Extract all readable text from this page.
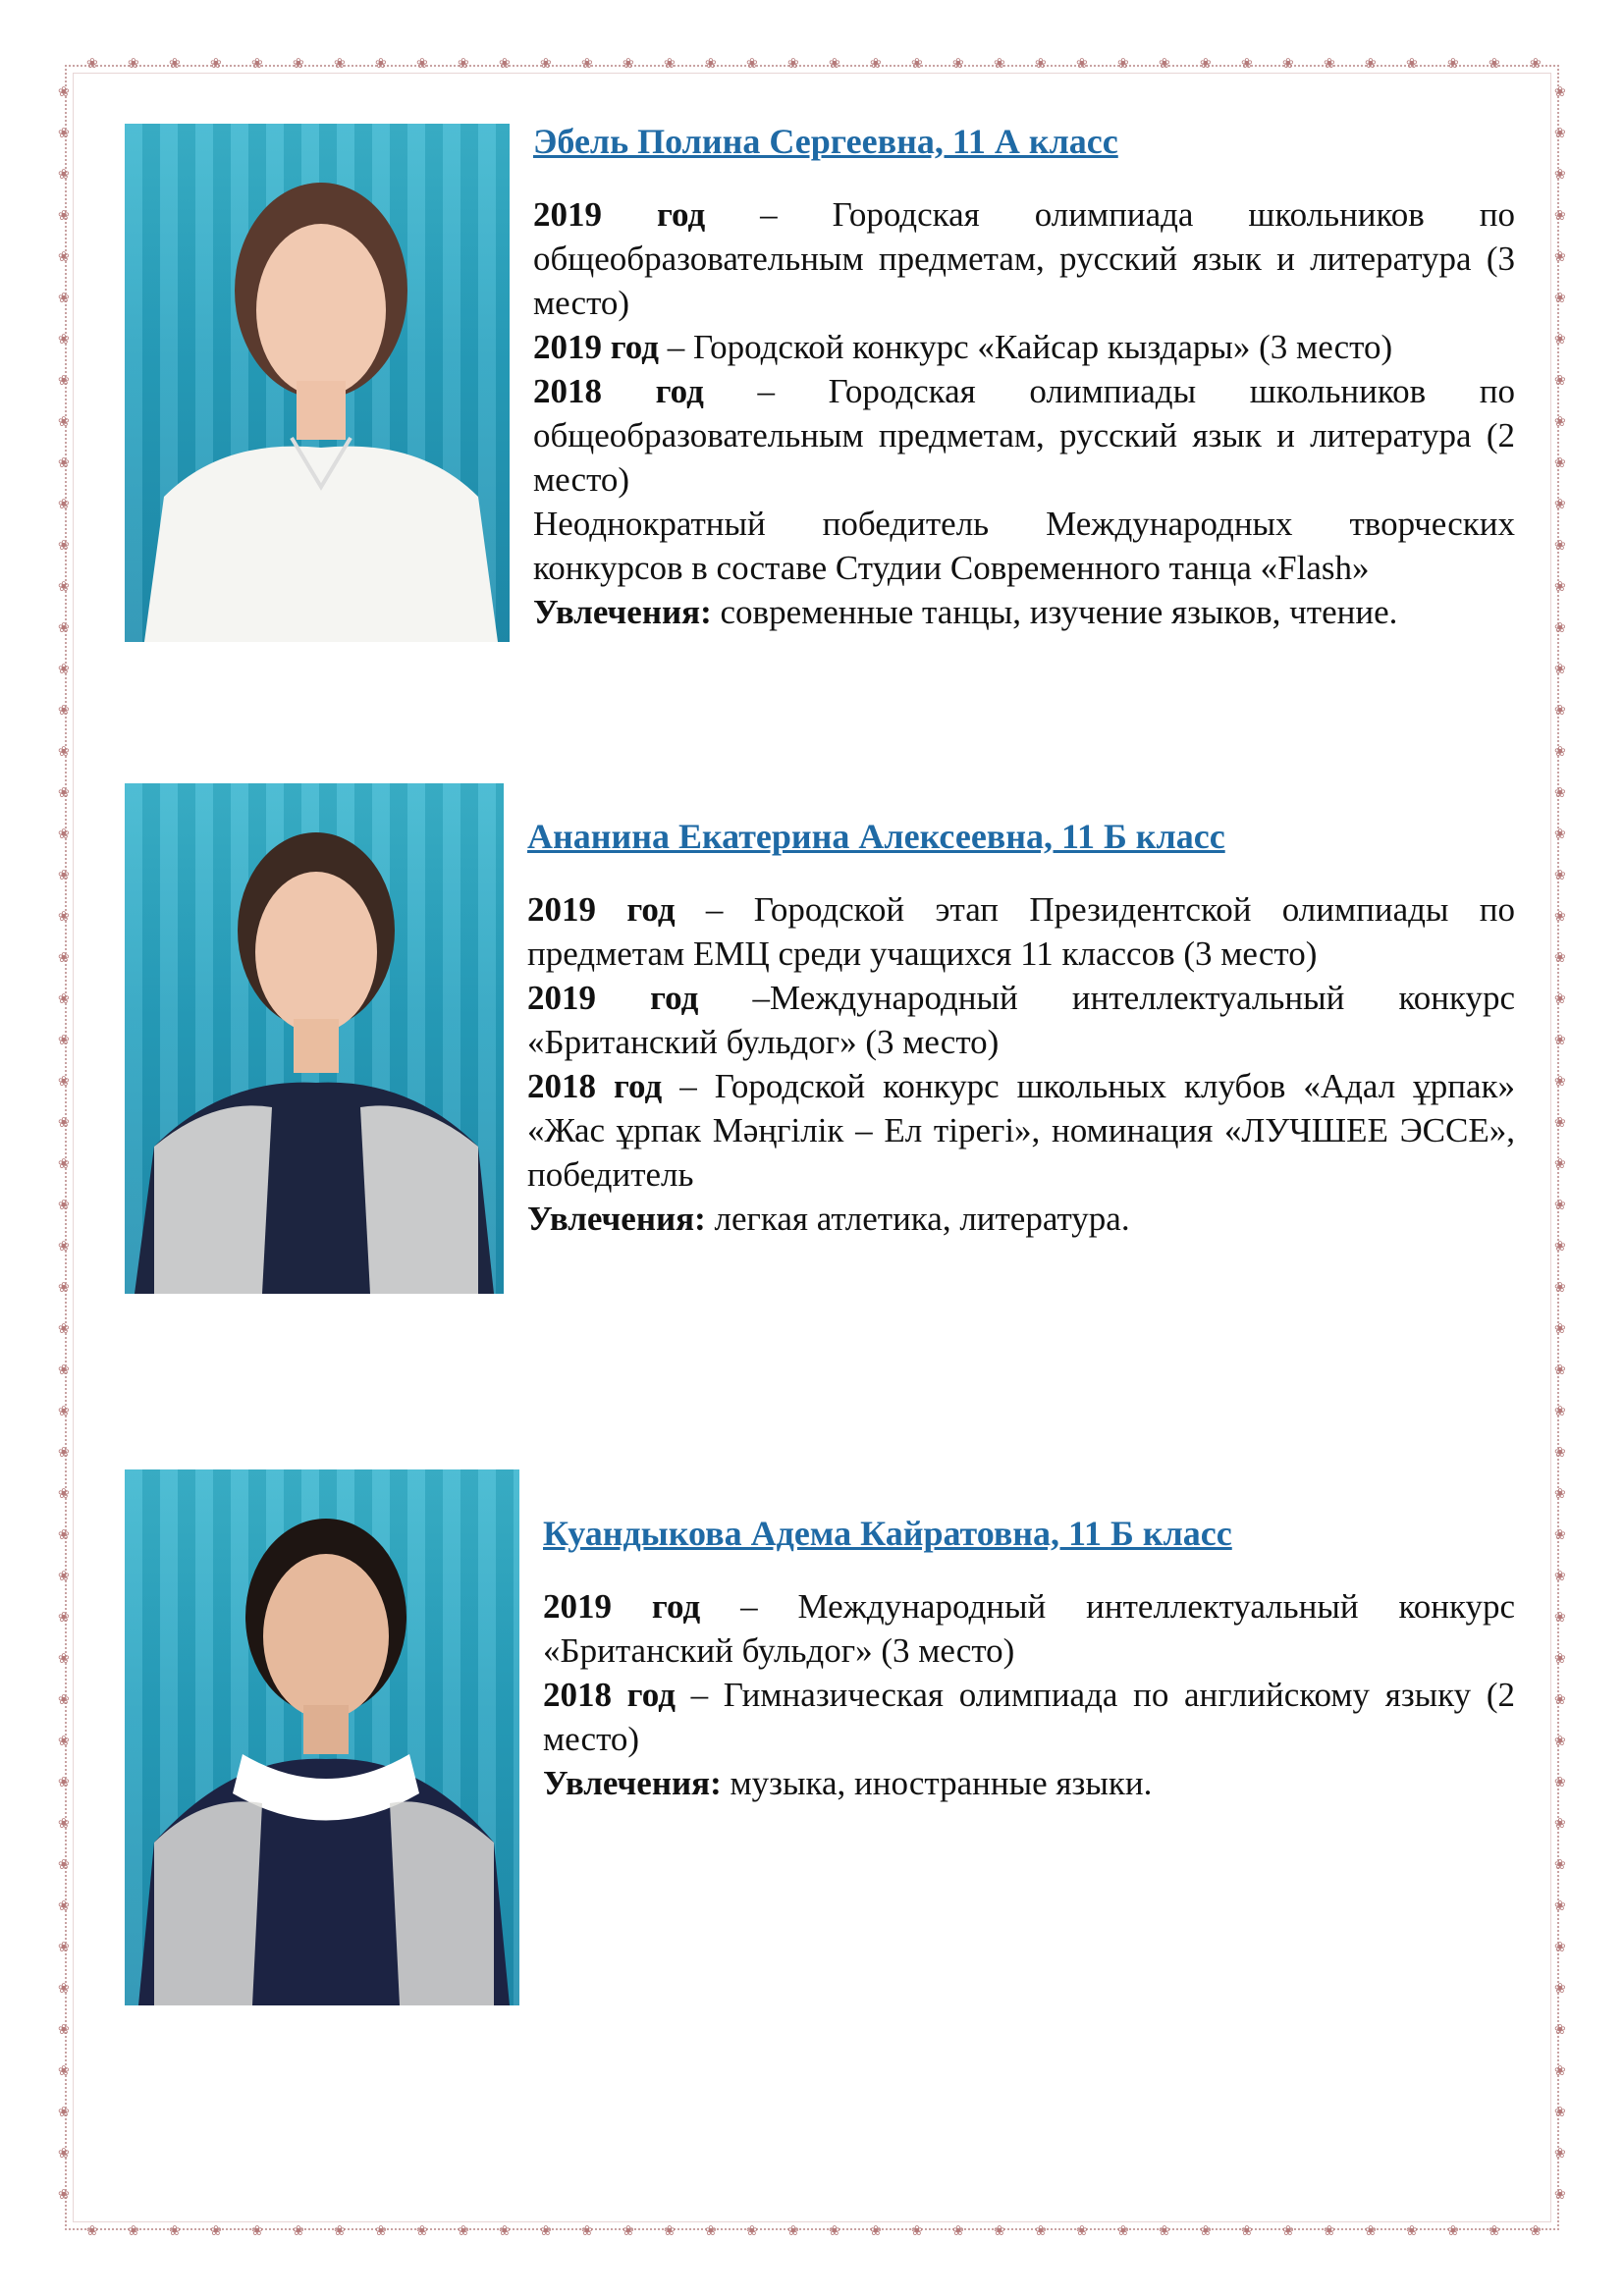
❀
❀
❀
❀
❀
❀
❀
❀
❀
❀
❀
❀
❀
❀
❀
❀
❀
❀
❀
❀
❀
❀
❀
❀
❀
❀
❀
❀
❀
❀
❀
❀
❀
❀
❀
❀
❀
❀
❀
❀
❀
❀
❀
❀
❀
❀
❀
❀
❀
❀
❀
❀
❀
❀
❀
❀
❀
❀
❀
❀
❀
❀
❀
❀
❀
❀
❀
❀
❀
❀
❀
❀
❀	❀
❀	❀
❀	❀
❀	❀
❀	❀
❀	❀
❀	❀
❀	❀
❀	❀
❀	❀
❀	❀
❀	❀
❀	❀
❀	❀
❀	❀
❀	❀
❀	❀
❀	❀
❀	❀
❀	❀
❀	❀
❀	❀
❀	❀
❀	❀
❀	❀
❀	❀
❀	❀
❀	❀
❀	❀
❀	❀
❀	❀
❀	❀
❀	❀
❀	❀
❀	❀
❀	❀
❀	❀
❀	❀
❀	❀
❀	❀
❀	❀
❀	❀
❀	❀
❀	❀
❀	❀
❀	❀
❀	❀
❀	❀
❀	❀
❀	❀
❀	❀
❀	❀
Эбель Полина Сергеевна, 11 А класс

2019 год – Городская олимпиада школьников по общеобразовательным предметам, русский язык и литература (3 место)

2019 год – Городской конкурс «Кайсар кыздары» (3 место)

2018 год – Городская олимпиады школьников по общеобразовательным предметам, русский язык и литература (2 место)

Неоднократный победитель Международных творческих конкурсов в составе Студии Современного танца «Flash»

Увлечения: современные танцы, изучение языков, чтение.

Ананина Екатерина Алексеевна, 11 Б класс

2019 год – Городской этап Президентской олимпиады по предметам ЕМЦ среди учащихся 11 классов (3 место)

2019 год –Международный интеллектуальный конкурс «Британский бульдог» (3 место)

2018 год – Городской конкурс школьных клубов «Адал ұрпак» «Жас ұрпак Мәңгілік – Ел тірегі», номинация «ЛУЧШЕЕ ЭССЕ», победитель

Увлечения: легкая атлетика, литература.

Куандыкова Адема Кайратовна, 11 Б класс

2019 год – Международный интеллектуальный конкурс «Британский бульдог» (3 место)

2018 год – Гимназическая олимпиада по английскому языку (2 место)

Увлечения: музыка, иностранные языки.
